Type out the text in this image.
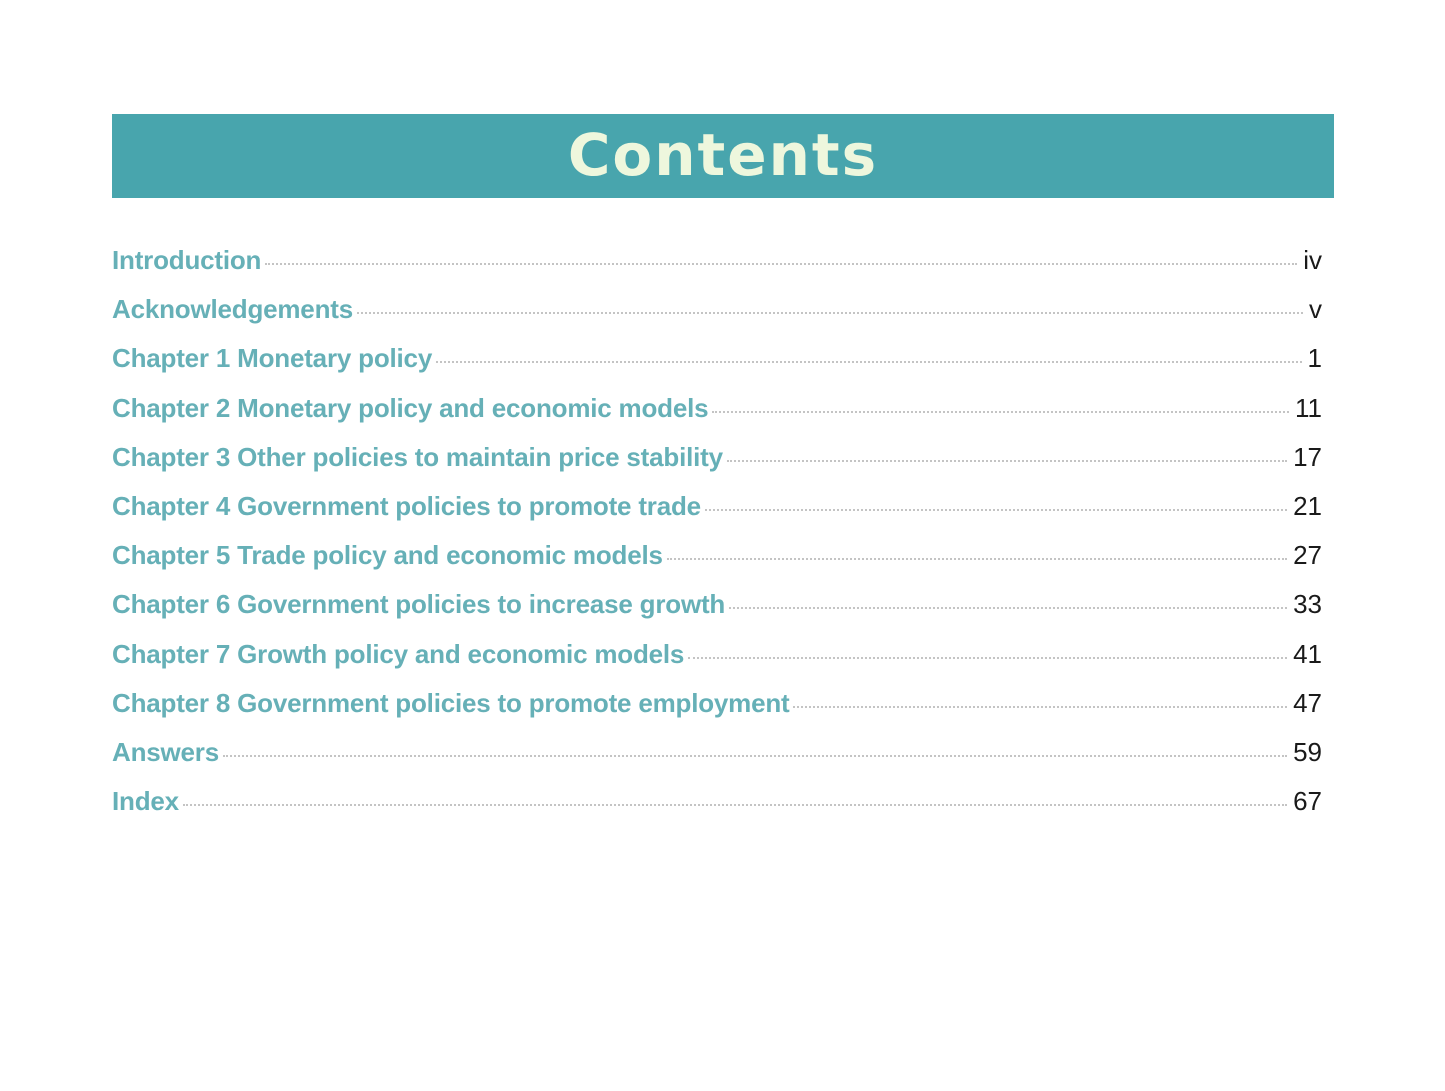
Contents
Introduction	iv
Acknowledgements	v
Chapter 1 Monetary policy	1
Chapter 2 Monetary policy and economic models	11
Chapter 3 Other policies to maintain price stability	17
Chapter 4 Government policies to promote trade	21
Chapter 5 Trade policy and economic models	27
Chapter 6 Government policies to increase growth	33
Chapter 7 Growth policy and economic models	41
Chapter 8 Government policies to promote employment	47
Answers	59
Index	67
